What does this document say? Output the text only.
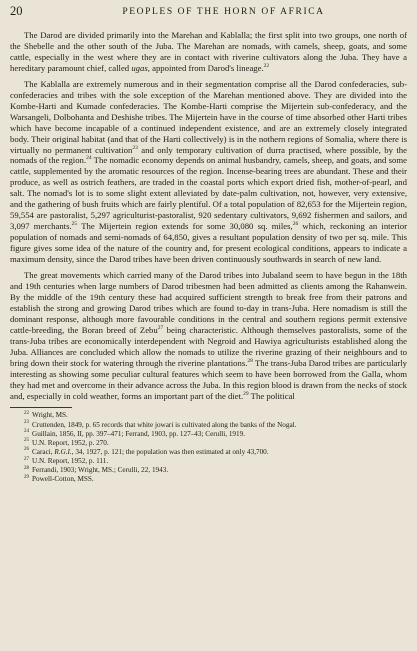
20	PEOPLES OF THE HORN OF AFRICA

The Darod are divided primarily into the Marehan and Kablalla; the first split into two groups, one north of the Shebelle and the other south of the Juba. The Marehan are nomads, with camels, sheep, goats, and some cattle, especially in the west where they are in contact with riverine cultivators along the Juba. They have a hereditary paramount chief, called ugas, appointed from Darod's lineage.$^{22}$

The Kablalla are extremely numerous and in their segmentation comprise all the Darod confederacies, sub-confederacies and tribes with the sole exception of the Marehan mentioned above. They are divided into the Kombe-Harti and Kumade confederacies. The Kombe-Harti comprise the Mijertein sub-confederacy, and the Warsangeli, Dolbohanta and Deshishe tribes. The Mijertein have in the course of time absorbed other Harti tribes which have become incapable of a continued independent existence, and are an extremely closely integrated body. Their original habitat (and that of the Harti collectively) is in the nothern regions of Somalia, where there is virtually no permanent cultivation$^{23}$ and only temporary cultivation of durra practised, where possible, by the nomads of the region.$^{24}$ The nomadic economy depends on animal husbandry, camels, sheep, and goats, and some cattle, supplemented by the aromatic resources of the region. Incense-bearing trees are abundant. These and their produce, as well as ostrich feathers, are traded in the coastal ports which export dried fish, mother-of-pearl, and salt. The nomad's lot is to some slight extent alleviated by date-palm cultivation, not, however, very extensive, and the gathering of bush fruits which are fairly plentiful. Of a total population of 82,653 for the Mijertein region, 59,554 are pastoralist, 5,297 agriculturist-pastoralist, 920 sedentary cultivators, 9,692 fishermen and sailors, and 3,097 merchants.$^{25}$ The Mijertein region extends for some 30,080 sq. miles,$^{26}$ which, reckoning an interior population of nomads and semi-nomads of 64,850, gives a resultant population density of two per sq. mile. This figure gives some idea of the nature of the country and, for present ecological conditions, appears to indicate a maximum density, since the Darod tribes have been driven continuously southwards in search of new land.

The great movements which carried many of the Darod tribes into Jubaland seem to have begun in the 18th and 19th centuries when large numbers of Darod tribesmen had been admitted as clients among the Rahanwein. By the middle of the 19th century these had acquired sufficient strength to break free from their patrons and establish the strong and growing Darod tribes which are found to-day in trans-Juba. Here nomadism is still the dominant response, although more favourable conditions in the central and southern regions permit extensive cattle-breeding, the Boran breed of Zebu$^{27}$ being characteristic. Although themselves pastoralists, some of the trans-Juba tribes are economically interdependent with Negroid and Hawiya agriculturists established along the Juba. Alliances are concluded which allow the nomads to utilize the riverine grazing of their neighbours and to bring down their stock for watering through the riverine plantations.$^{28}$ The trans-Juba Darod tribes are particularly interesting as showing some peculiar cultural features which seem to have been borrowed from the Galla, whom they had met and overcome in their advance across the Juba. In this region blood is drawn from the necks of stock and, especially in cold weather, forms an important part of the diet.$^{29}$ The political

$^{22}$ Wright, MS.
$^{23}$ Cruttenden, 1849, p. 65 records that white jowari is cultivated along the banks of the Nogal.
$^{24}$ Guillain, 1856, II, pp. 397–471; Ferrand, 1903, pp. 127–43; Cerulli, 1919.
$^{25}$ U.N. Report, 1952, p. 270.
$^{26}$ Caraci, R.G.I., 34, 1927, p. 121; the population was then estimated at only 43,700.
$^{27}$ U.N. Report, 1952, p. 111.
$^{28}$ Ferrandi, 1903; Wright, MS.; Cerulli, 22, 1943.
$^{29}$ Powell-Cotton, MSS.
